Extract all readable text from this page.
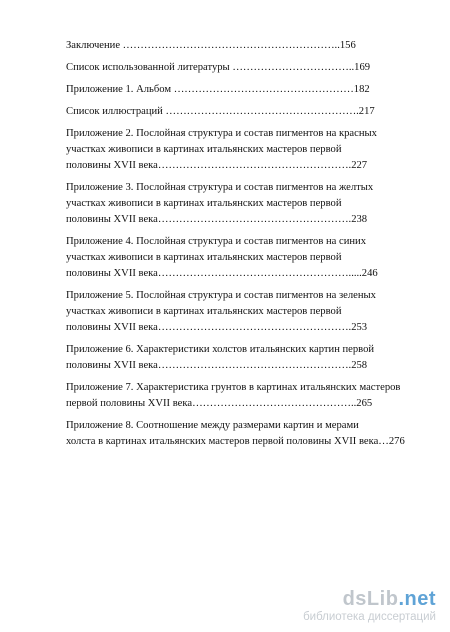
Заключение ……………………………………………………..156
Список использованной литературы ……………………………..169
Приложение 1. Альбом ……………………………………………182
Список иллюстраций ……………………………………………….217
Приложение 2. Послойная структура и состав пигментов на красных
участках живописи в картинах итальянских мастеров первой
половины XVII века……………………………………………….227
Приложение 3. Послойная структура и состав пигментов на желтых
участках живописи в картинах итальянских мастеров первой
половины XVII века……………………………………………….238
Приложение 4. Послойная структура и состав пигментов на синих
участках живописи в картинах итальянских мастеров первой
половины XVII века……………………………………………….....246
Приложение 5. Послойная структура и состав пигментов на зеленых
участках живописи в картинах итальянских мастеров первой
половины XVII века……………………………………………….253
Приложение 6. Характеристики холстов итальянских картин первой
половины XVII века……………………………………………….258
Приложение 7. Характеристика грунтов в картинах итальянских мастеров
первой половины XVII века………………………………………..265
Приложение 8. Соотношение между размерами картин и мерами
холста в картинах итальянских мастеров первой половины XVII века…276
dsLib.net
библиотека диссертаций
